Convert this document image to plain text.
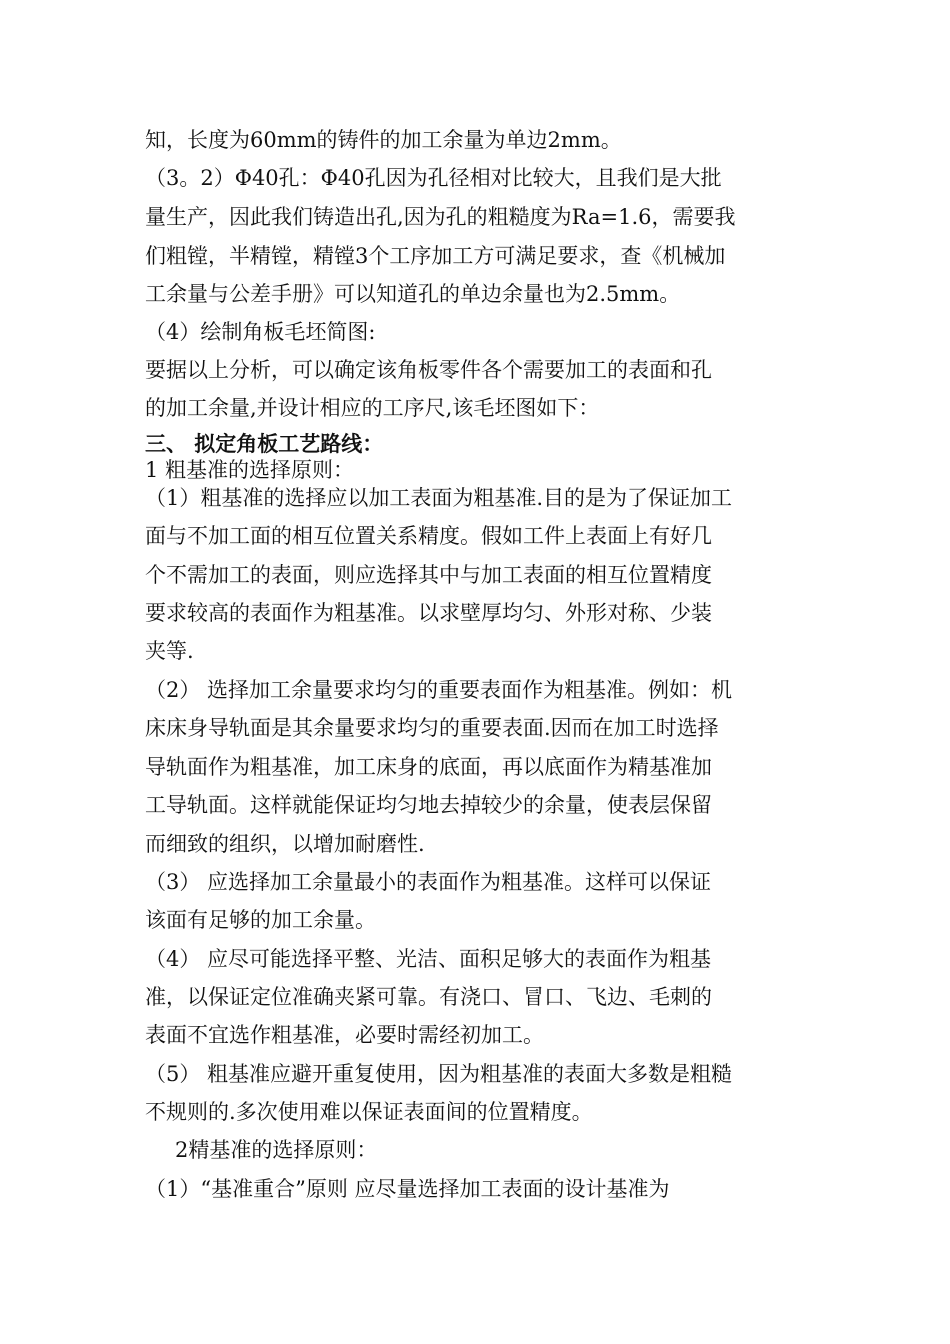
知，长度为60mm的铸件的加工余量为单边2mm。
（3。2）Φ40孔：Φ40孔因为孔径相对比较大，且我们是大批
量生产，因此我们铸造出孔,因为孔的粗糙度为Ra=1.6，需要我
们粗镗，半精镗，精镗3个工序加工方可满足要求，查《机械加
工余量与公差手册》可以知道孔的单边余量也为2.5mm。
（4）绘制角板毛坯简图:
要据以上分析，可以确定该角板零件各个需要加工的表面和孔
的加工余量,并设计相应的工序尺,该毛坯图如下：
三、 拟定角板工艺路线：
1 粗基准的选择原则：
（1）粗基准的选择应以加工表面为粗基准.目的是为了保证加工
面与不加工面的相互位置关系精度。假如工件上表面上有好几
个不需加工的表面，则应选择其中与加工表面的相互位置精度
要求较高的表面作为粗基准。以求壁厚均匀、外形对称、少装
夹等.
（2） 选择加工余量要求均匀的重要表面作为粗基准。例如：机
床床身导轨面是其余量要求均匀的重要表面.因而在加工时选择
导轨面作为粗基准，加工床身的底面，再以底面作为精基准加
工导轨面。这样就能保证均匀地去掉较少的余量，使表层保留
而细致的组织，以增加耐磨性.
（3） 应选择加工余量最小的表面作为粗基准。这样可以保证
该面有足够的加工余量。
（4） 应尽可能选择平整、光洁、面积足够大的表面作为粗基
准，以保证定位准确夹紧可靠。有浇口、冒口、飞边、毛刺的
表面不宜选作粗基准，必要时需经初加工。
（5） 粗基准应避开重复使用，因为粗基准的表面大多数是粗糙
不规则的.多次使用难以保证表面间的位置精度。
2精基准的选择原则：
（1）“基准重合”原则 应尽量选择加工表面的设计基准为
